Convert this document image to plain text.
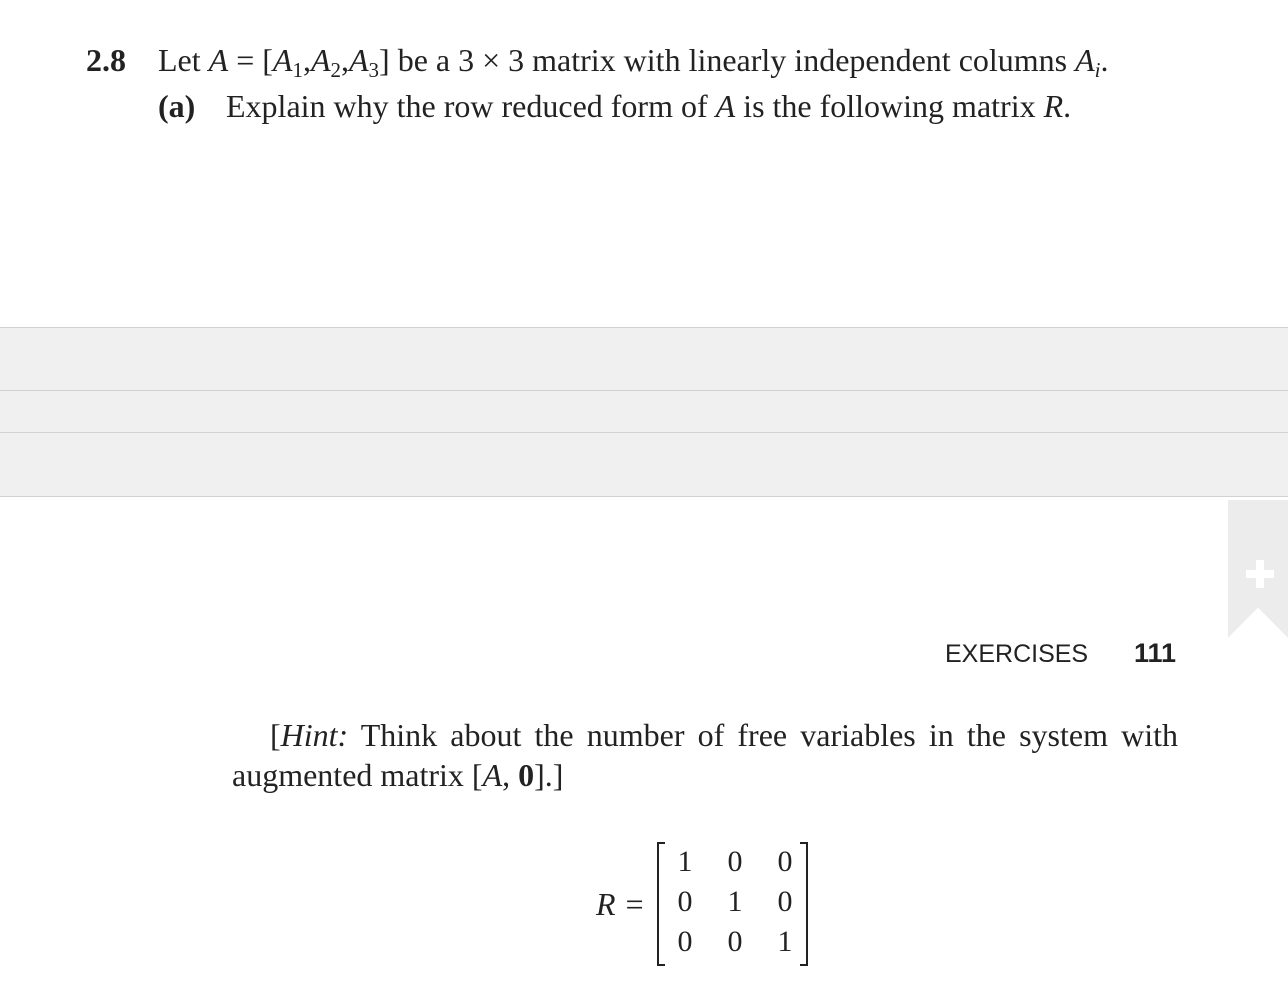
2.8 Let $A = [A_1,A_2,A_3]$ be a 3 × 3 matrix with linearly independent columns $A_i$.
(a) Explain why the row reduced form of A is the following matrix R.
EXERCISES 111
[Hint: Think about the number of free variables in the system with
augmented matrix [A, 0].]
R =
1 0 0
0 1 0
0 0 1
